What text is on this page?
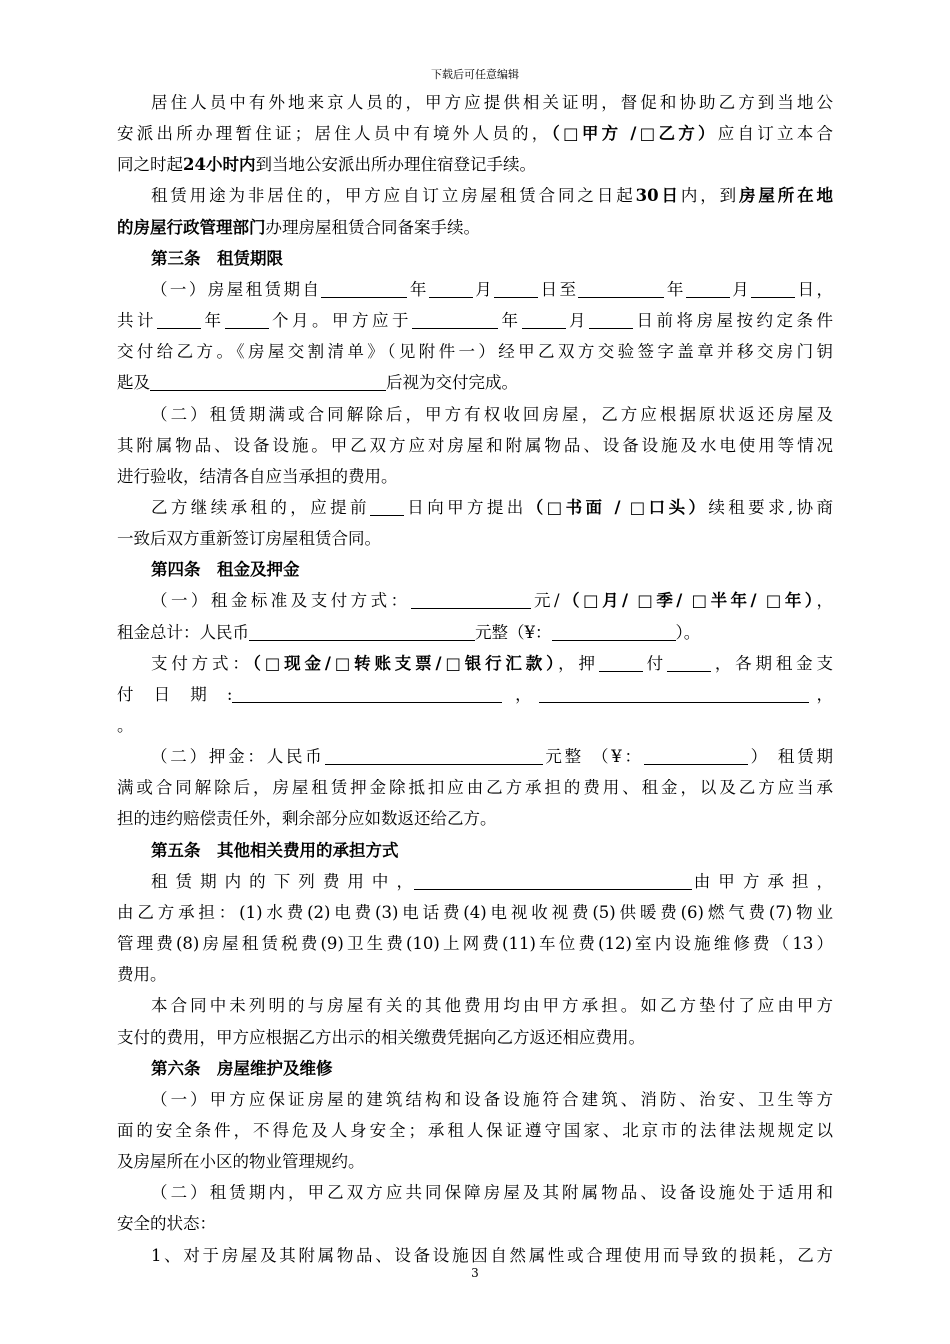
下载后可任意编辑
居住人员中有外地来京人员的，甲方应提供相关证明，督促和协助乙方到当地公
安派出所办理暂住证；居住人员中有境外人员的，（□甲方 /□乙方）应自订立本合
同之时起24小时内到当地公安派出所办理住宿登记手续。
租赁用途为非居住的，甲方应自订立房屋租赁合同之日起30日内，到房屋所在地
的房屋行政管理部门办理房屋租赁合同备案手续。
第三条　租赁期限
（一）房屋租赁期自	年	月	日至	年	月	日，
共计	年	个月。甲方应于	年	月	日前将房屋按约定条件
交付给乙方。《房屋交割清单》（见附件一）经甲乙双方交验签字盖章并移交房门钥
匙及	后视为交付完成。
（二）租赁期满或合同解除后，甲方有权收回房屋，乙方应根据原状返还房屋及
其附属物品、设备设施。甲乙双方应对房屋和附属物品、设备设施及水电使用等情况
进行验收，结清各自应当承担的费用。
乙方继续承租的，应提前 日向甲方提出（□书面 / □口头）续租要求,协商
一致后双方重新签订房屋租赁合同。
第四条　租金及押金
（一）租金标准及支付方式：	元/（□月/ □季/ □半年/ □年），
租金总计：人民币	元整（¥：	）。
支付方式：（□现金/□转账支票/□银行汇款），押	付	，各期租金支
付 日 期 :	，	，
。
（二）押金：人民币	元整 （¥：	） 租赁期
满或合同解除后，房屋租赁押金除抵扣应由乙方承担的费用、租金，以及乙方应当承
担的违约赔偿责任外，剩余部分应如数返还给乙方。
第五条　其他相关费用的承担方式
租 赁 期 内 的 下 列 费 用 中 ，	由 甲 方 承 担 ，
由乙方承担：(1)水费(2)电费(3)电话费(4)电视收视费(5)供暖费(6)燃气费(7)物业
管理费(8)房屋租赁税费(9)卫生费(10)上网费(11)车位费(12)室内设施维修费（13）
费用。
本合同中未列明的与房屋有关的其他费用均由甲方承担。如乙方垫付了应由甲方
支付的费用，甲方应根据乙方出示的相关缴费凭据向乙方返还相应费用。
第六条　房屋维护及维修
（一）甲方应保证房屋的建筑结构和设备设施符合建筑、消防、治安、卫生等方
面的安全条件，不得危及人身安全；承租人保证遵守国家、北京市的法律法规规定以
及房屋所在小区的物业管理规约。
（二）租赁期内，甲乙双方应共同保障房屋及其附属物品、设备设施处于适用和
安全的状态：
1、对于房屋及其附属物品、设备设施因自然属性或合理使用而导致的损耗，乙方
3
